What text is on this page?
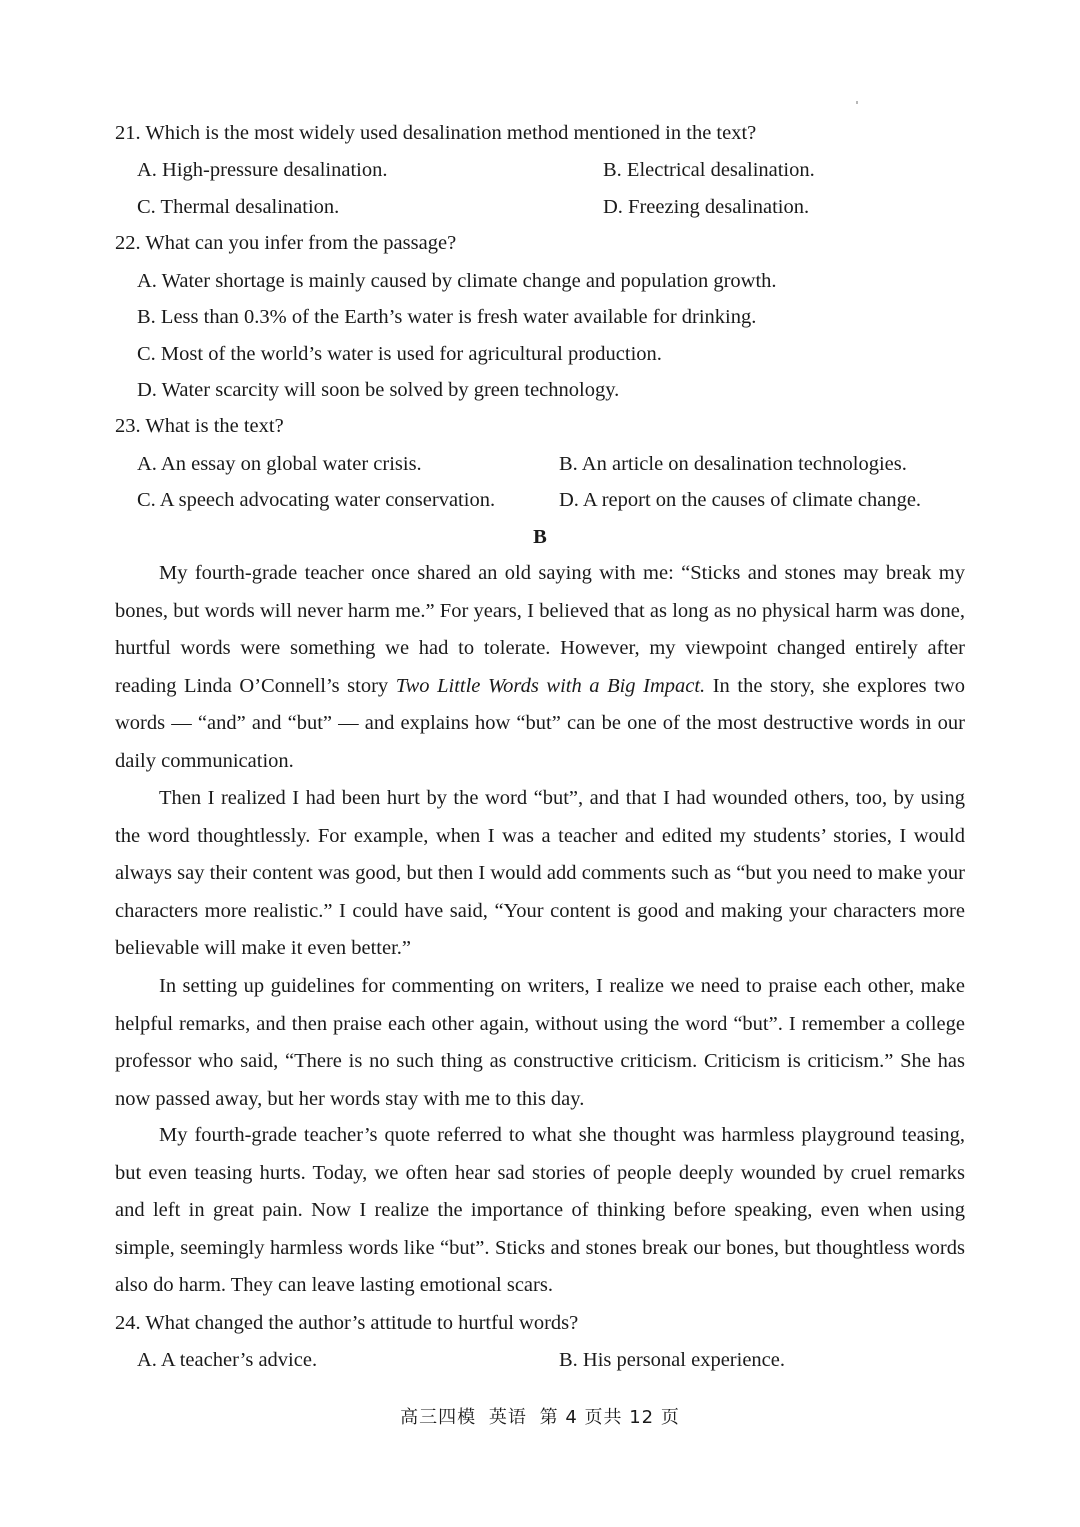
21. Which is the most widely used desalination method mentioned in the text?
A. High-pressure desalination.	B. Electrical desalination.
C. Thermal desalination.	D. Freezing desalination.
22. What can you infer from the passage?
A. Water shortage is mainly caused by climate change and population growth.
B. Less than 0.3% of the Earth’s water is fresh water available for drinking.
C. Most of the world’s water is used for agricultural production.
D. Water scarcity will soon be solved by green technology.
23. What is the text?
A. An essay on global water crisis.	B. An article on desalination technologies.
C. A speech advocating water conservation.	D. A report on the causes of climate change.
B

My fourth-grade teacher once shared an old saying with me: “Sticks and stones may break my bones, but words will never harm me.” For years, I believed that as long as no physical harm was done, hurtful words were something we had to tolerate. However, my viewpoint changed entirely after reading Linda O’Connell’s story Two Little Words with a Big Impact. In the story, she explores two words — “and” and “but” — and explains how “but” can be one of the most destructive words in our daily communication.

Then I realized I had been hurt by the word “but”, and that I had wounded others, too, by using the word thoughtlessly. For example, when I was a teacher and edited my students’ stories, I would always say their content was good, but then I would add comments such as “but you need to make your characters more realistic.” I could have said, “Your content is good and making your characters more believable will make it even better.”

In setting up guidelines for commenting on writers, I realize we need to praise each other, make helpful remarks, and then praise each other again, without using the word “but”. I remember a college professor who said, “There is no such thing as constructive criticism. Criticism is criticism.” She has now passed away, but her words stay with me to this day.

My fourth-grade teacher’s quote referred to what she thought was harmless playground teasing, but even teasing hurts. Today, we often hear sad stories of people deeply wounded by cruel remarks and left in great pain. Now I realize the importance of thinking before speaking, even when using simple, seemingly harmless words like “but”. Sticks and stones break our bones, but thoughtless words also do harm. They can leave lasting emotional scars.

24. What changed the author’s attitude to hurtful words?
A. A teacher’s advice.	B. His personal experience.
高三四模 英语 第 4 页共 12 页
